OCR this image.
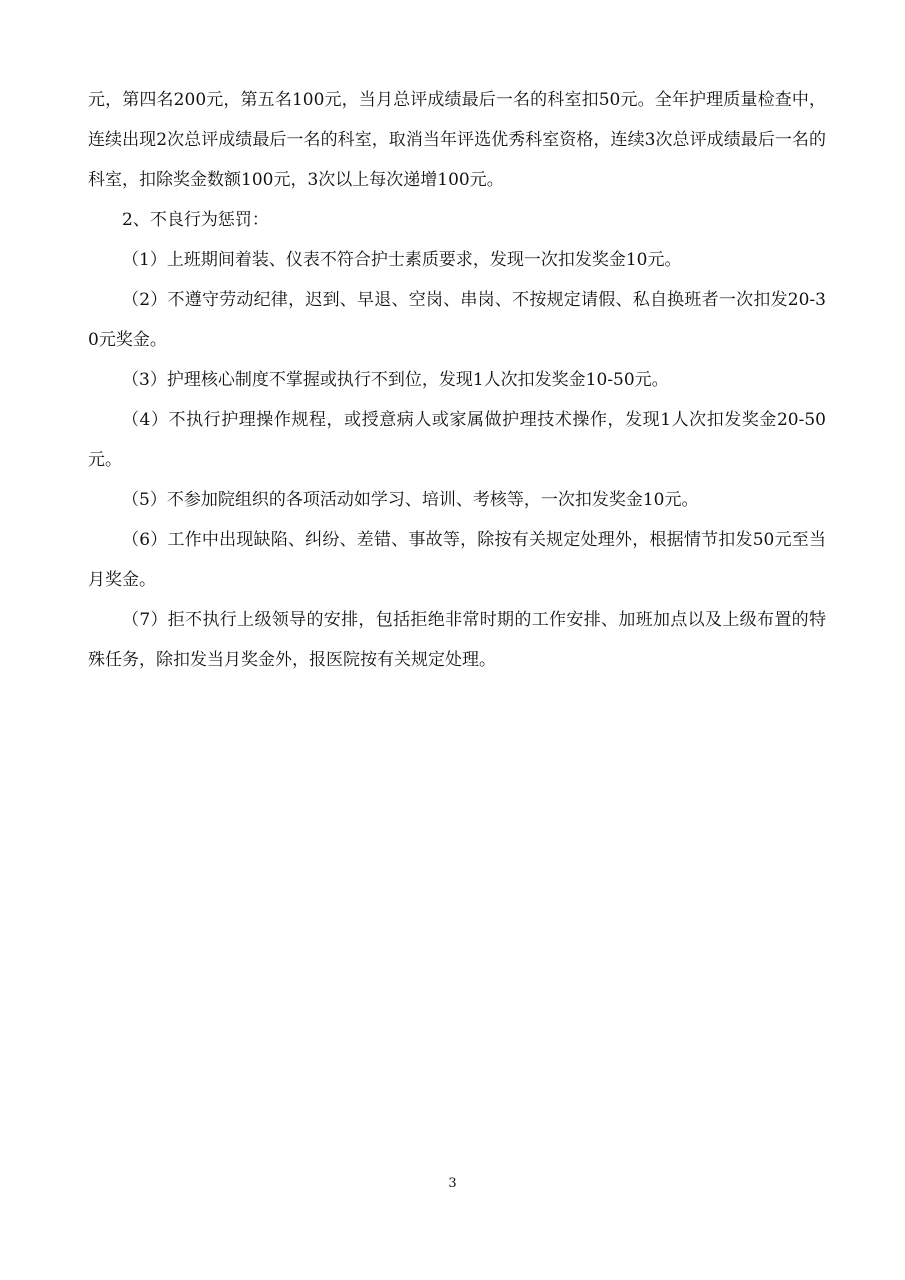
元，第四名200元，第五名100元，当月总评成绩最后一名的科室扣50元。全年护理质量检查中，连续出现2次总评成绩最后一名的科室，取消当年评选优秀科室资格，连续3次总评成绩最后一名的科室，扣除奖金数额100元，3次以上每次递增100元。

2、不良行为惩罚：

（1）上班期间着装、仪表不符合护士素质要求，发现一次扣发奖金10元。

（2）不遵守劳动纪律，迟到、早退、空岗、串岗、不按规定请假、私自换班者一次扣发20-30元奖金。

（3）护理核心制度不掌握或执行不到位，发现1人次扣发奖金10-50元。

（4）不执行护理操作规程，或授意病人或家属做护理技术操作，发现1人次扣发奖金20-50元。

（5）不参加院组织的各项活动如学习、培训、考核等，一次扣发奖金10元。

（6）工作中出现缺陷、纠纷、差错、事故等，除按有关规定处理外，根据情节扣发50元至当月奖金。

（7）拒不执行上级领导的安排，包括拒绝非常时期的工作安排、加班加点以及上级布置的特殊任务，除扣发当月奖金外，报医院按有关规定处理。

3
